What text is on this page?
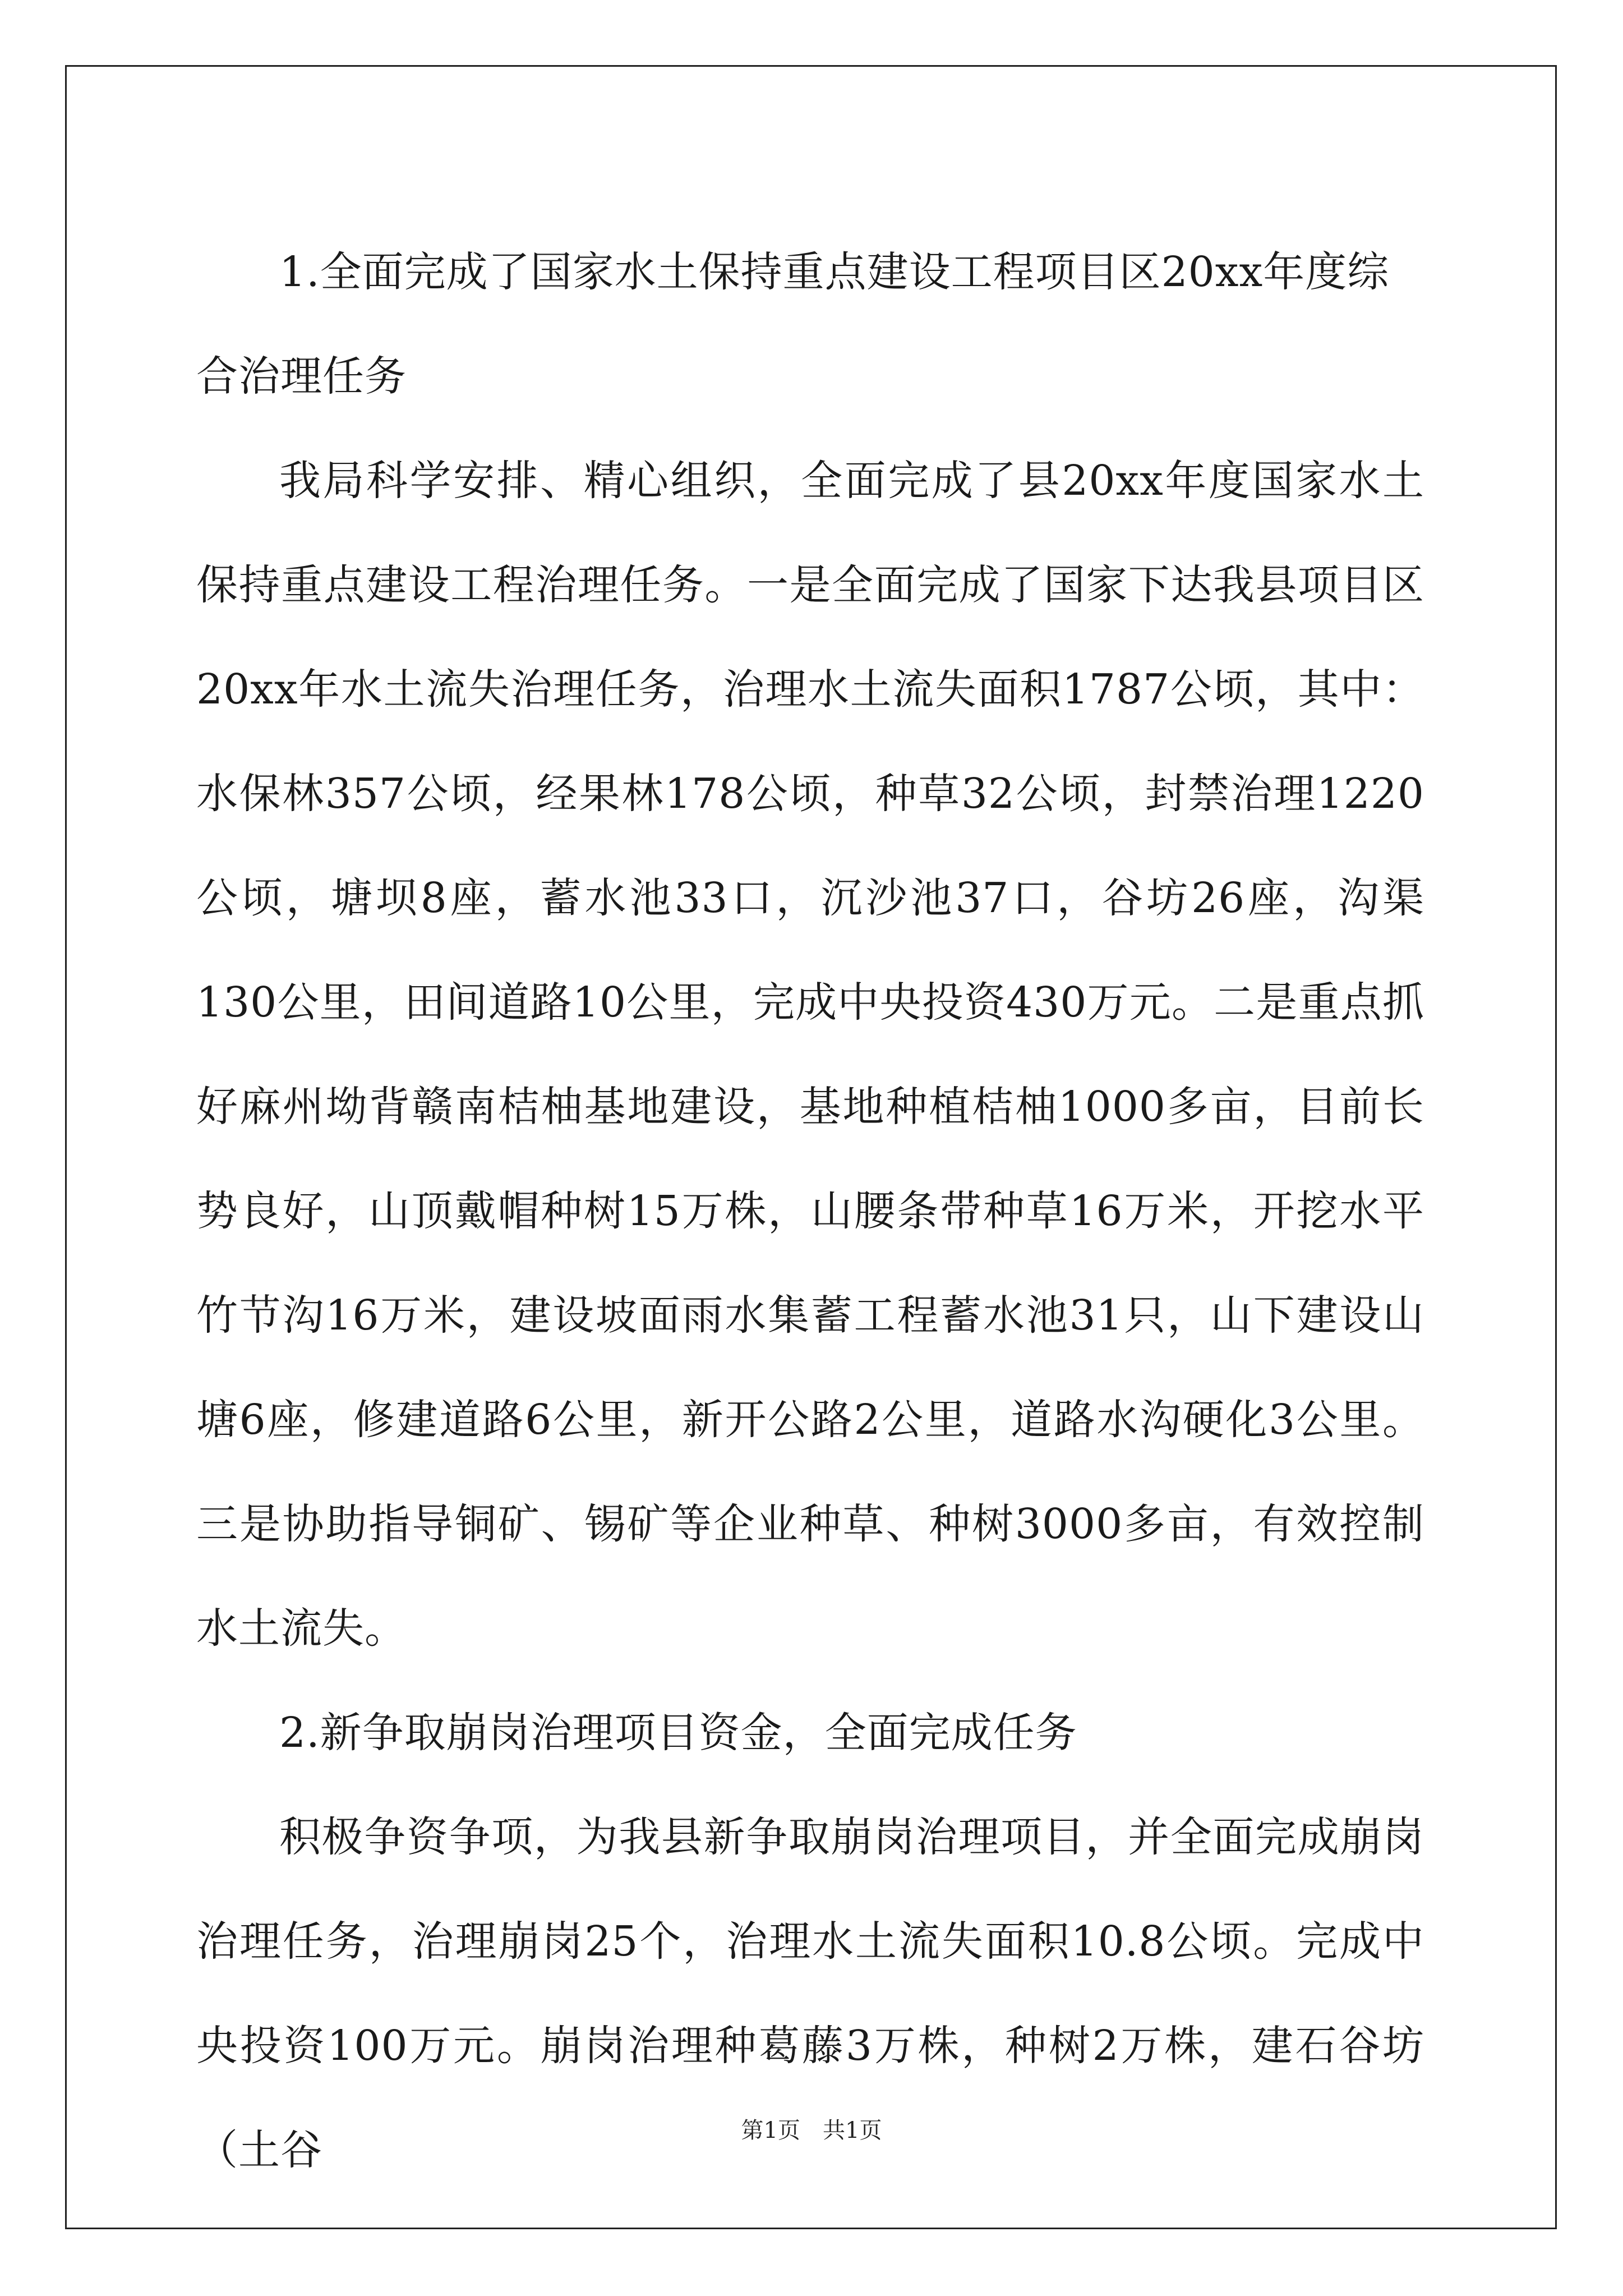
1.全面完成了国家水土保持重点建设工程项目区20xx年度综合治理任务

我局科学安排、精心组织，全面完成了县20xx年度国家水土保持重点建设工程治理任务。一是全面完成了国家下达我县项目区20xx年水土流失治理任务，治理水土流失面积1787公顷，其中：水保林357公顷，经果林178公顷，种草32公顷，封禁治理1220公顷，塘坝8座，蓄水池33口，沉沙池37口，谷坊26座，沟渠130公里，田间道路10公里，完成中央投资430万元。二是重点抓好麻州坳背赣南桔柚基地建设，基地种植桔柚1000多亩，目前长势良好，山顶戴帽种树15万株，山腰条带种草16万米，开挖水平竹节沟16万米，建设坡面雨水集蓄工程蓄水池31只，山下建设山塘6座，修建道路6公里，新开公路2公里，道路水沟硬化3公里。三是协助指导铜矿、锡矿等企业种草、种树3000多亩，有效控制水土流失。

2.新争取崩岗治理项目资金，全面完成任务

积极争资争项，为我县新争取崩岗治理项目，并全面完成崩岗治理任务，治理崩岗25个，治理水土流失面积10.8公顷。完成中央投资100万元。崩岗治理种葛藤3万株，种树2万株，建石谷坊（土谷	第1页 共1页
